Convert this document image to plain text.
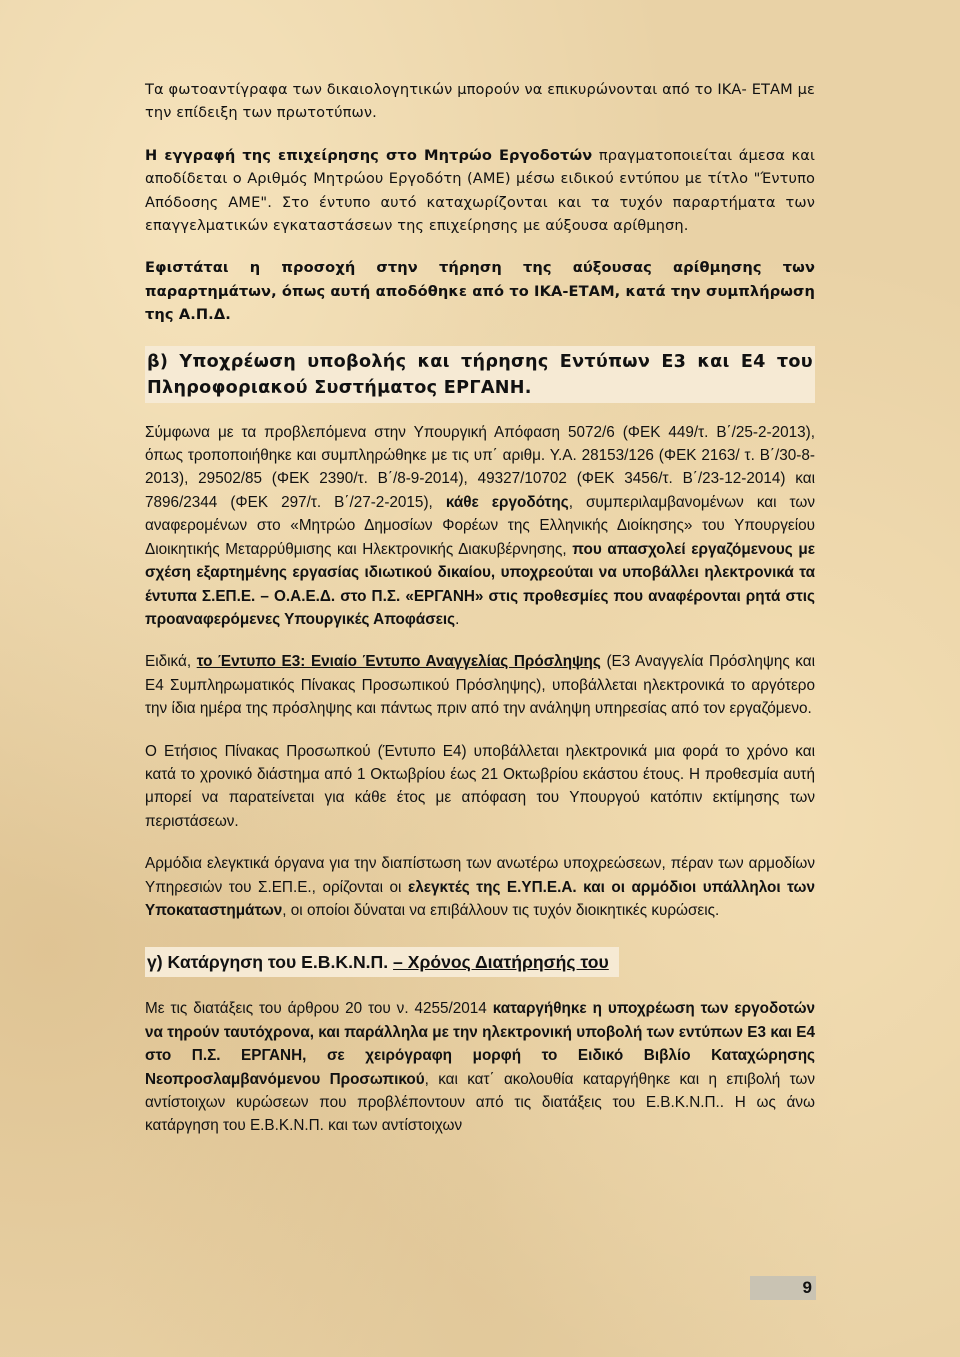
Τα φωτοαντίγραφα των δικαιολογητικών μπορούν να επικυρώνονται από το ΙΚΑ- ΕΤΑΜ με την επίδειξη των πρωτοτύπων.

Η εγγραφή της επιχείρησης στο Μητρώο Εργοδοτών πραγματοποιείται άμεσα και αποδίδεται ο Αριθμός Μητρώου Εργοδότη (ΑΜΕ) μέσω ειδικού εντύπου με τίτλο "Έντυπο Απόδοσης ΑΜΕ". Στο έντυπο αυτό καταχωρίζονται και τα τυχόν παραρτήματα των επαγγελματικών εγκαταστάσεων της επιχείρησης με αύξουσα αρίθμηση.

Εφιστάται η προσοχή στην τήρηση της αύξουσας αρίθμησης των παραρτημάτων, όπως αυτή αποδόθηκε από το ΙΚΑ-ΕΤΑΜ, κατά την συμπλήρωση της Α.Π.Δ.

β) Υποχρέωση υποβολής και τήρησης Εντύπων Ε3 και Ε4 του Πληροφοριακού Συστήματος ΕΡΓΑΝΗ.

Σύμφωνα με τα προβλεπόμενα στην Υπουργική Απόφαση 5072/6 (ΦΕΚ 449/τ. Β΄/25-2-2013), όπως τροποποιήθηκε και συμπληρώθηκε με τις υπ΄ αριθμ. Υ.Α. 28153/126 (ΦΕΚ 2163/ τ. Β΄/30-8-2013), 29502/85 (ΦΕΚ 2390/τ. Β΄/8-9-2014), 49327/10702 (ΦΕΚ 3456/τ. Β΄/23-12-2014) και 7896/2344 (ΦΕΚ 297/τ. Β΄/27-2-2015), κάθε εργοδότης, συμπεριλαμβανομένων και των αναφερομένων στο «Μητρώο Δημοσίων Φορέων της Ελληνικής Διοίκησης» του Υπουργείου Διοικητικής Μεταρρύθμισης και Ηλεκτρονικής Διακυβέρνησης, που απασχολεί εργαζόμενους με σχέση εξαρτημένης εργασίας ιδιωτικού δικαίου, υποχρεούται να υποβάλλει ηλεκτρονικά τα έντυπα Σ.ΕΠ.Ε. – Ο.Α.Ε.Δ. στο Π.Σ. «ΕΡΓΑΝΗ» στις προθεσμίες που αναφέρονται ρητά στις προαναφερόμενες Υπουργικές Αποφάσεις.

Ειδικά, το Έντυπο Ε3: Ενιαίο Έντυπο Αναγγελίας Πρόσληψης (Ε3 Αναγγελία Πρόσληψης και Ε4 Συμπληρωματικός Πίνακας Προσωπικού Πρόσληψης), υποβάλλεται ηλεκτρονικά το αργότερο την ίδια ημέρα της πρόσληψης και πάντως πριν από την ανάληψη υπηρεσίας από τον εργαζόμενο.

Ο Ετήσιος Πίνακας Προσωπκού (Έντυπο Ε4) υποβάλλεται ηλεκτρονικά μια φορά το χρόνο και κατά το χρονικό διάστημα από 1 Οκτωβρίου έως 21 Οκτωβρίου εκάστου έτους. Η προθεσμία αυτή μπορεί να παρατείνεται για κάθε έτος με απόφαση του Υπουργού κατόπιν εκτίμησης των περιστάσεων.

Αρμόδια ελεγκτικά όργανα για την διαπίστωση των ανωτέρω υποχρεώσεων, πέραν των αρμοδίων Υπηρεσιών του Σ.ΕΠ.Ε., ορίζονται οι ελεγκτές της Ε.ΥΠ.Ε.Α. και οι αρμόδιοι υπάλληλοι των Υποκαταστημάτων, οι οποίοι δύναται να επιβάλλουν τις τυχόν διοικητικές κυρώσεις.

γ) Κατάργηση του Ε.Β.Κ.Ν.Π. – Χρόνος Διατήρησής του

Με τις διατάξεις του άρθρου 20 του ν. 4255/2014 καταργήθηκε η υποχρέωση των εργοδοτών να τηρούν ταυτόχρονα, και παράλληλα με την ηλεκτρονική υποβολή των εντύπων Ε3 και Ε4 στο Π.Σ. ΕΡΓΑΝΗ, σε χειρόγραφη μορφή το Ειδικό Βιβλίο Καταχώρησης Νεοπροσλαμβανόμενου Προσωπικού, και κατ΄ ακολουθία καταργήθηκε και η επιβολή των αντίστοιχων κυρώσεων που προβλέποντουν από τις διατάξεις του Ε.Β.Κ.Ν.Π.. Η ως άνω κατάργηση του Ε.Β.Κ.Ν.Π. και των αντίστοιχων

9
